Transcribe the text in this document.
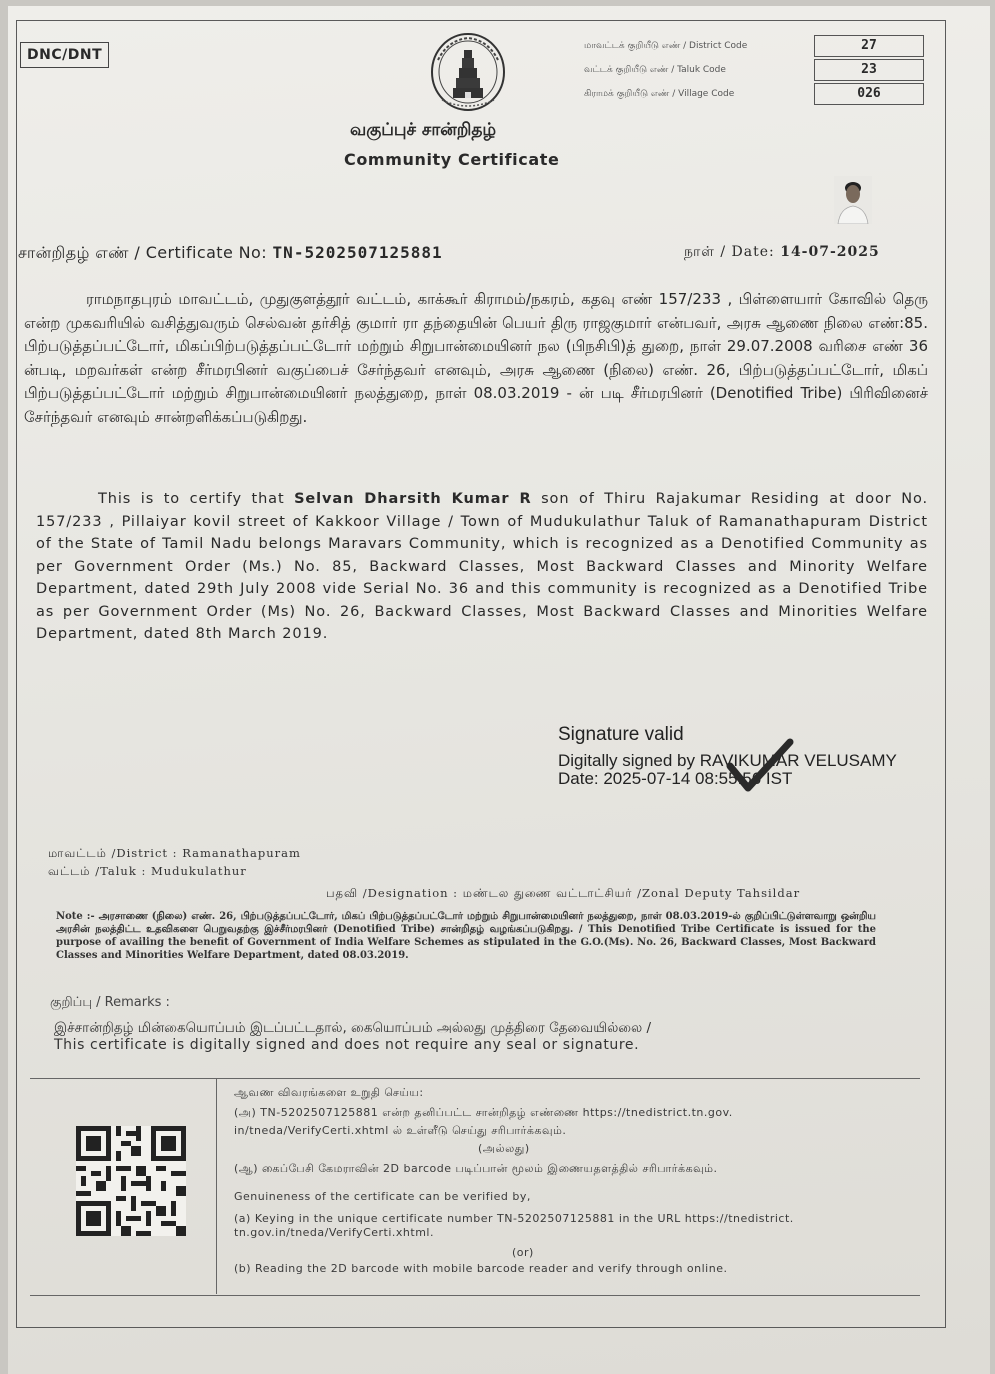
DNC/DNT
மாவட்டக் குறியீடு எண் / District Code	27
வட்டக் குறியீடு எண் / Taluk Code	23
கிராமக் குறியீடு எண் / Village Code	026
வகுப்புச் சான்றிதழ்
Community Certificate
சான்றிதழ் எண் / Certificate No: TN-5202507125881	நாள் / Date: 14-07-2025
ராமநாதபுரம் மாவட்டம், முதுகுளத்தூர் வட்டம், காக்கூர் கிராமம்/நகரம், கதவு எண் 157/233 , பிள்ளையார் கோவில் தெரு என்ற முகவரியில் வசித்துவரும் செல்வன் தர்சித் குமார் ரா தந்தையின் பெயர் திரு ராஜகுமார் என்பவர், அரசு ஆணை நிலை எண்:85. பிற்படுத்தப்பட்டோர், மிகப்பிற்படுத்தப்பட்டோர் மற்றும் சிறுபான்மையினர் நல (பிநசிபி)த் துறை, நாள் 29.07.2008 வரிசை எண் 36 ன்படி, மறவர்கள் என்ற சீர்மரபினர் வகுப்பைச் சேர்ந்தவர் எனவும், அரசு ஆணை (நிலை) எண். 26, பிற்படுத்தப்பட்டோர், மிகப் பிற்படுத்தப்பட்டோர் மற்றும் சிறுபான்மையினர் நலத்துறை, நாள் 08.03.2019 - ன் படி சீர்மரபினர் (Denotified Tribe) பிரிவினைச் சேர்ந்தவர் எனவும் சான்றளிக்கப்படுகிறது.
This is to certify that Selvan Dharsith Kumar R son of Thiru Rajakumar Residing at door No. 157/233 , Pillaiyar kovil street of Kakkoor Village / Town of Mudukulathur Taluk of Ramanathapuram District of the State of Tamil Nadu belongs Maravars Community, which is recognized as a Denotified Community as per Government Order (Ms.) No. 85, Backward Classes, Most Backward Classes and Minority Welfare Department, dated 29th July 2008 vide Serial No. 36 and this community is recognized as a Denotified Tribe as per Government Order (Ms) No. 26, Backward Classes, Most Backward Classes and Minorities Welfare Department, dated 8th March 2019.
Signature valid
Digitally signed by RAVIKUMAR VELUSAMY
Date: 2025-07-14 08:55:56 IST
மாவட்டம் /District : Ramanathapuram
வட்டம் /Taluk : Mudukulathur
பதவி /Designation : மண்டல துணை வட்டாட்சியர் /Zonal Deputy Tahsildar
Note :- அரசாணை (நிலை) எண். 26, பிற்படுத்தப்பட்டோர், மிகப் பிற்படுத்தப்பட்டோர் மற்றும் சிறுபான்மையினர் நலத்துறை, நாள் 08.03.2019-ல் குறிப்பிட்டுள்ளவாறு ஒன்றிய அரசின் நலத்திட்ட உதவிகளை பெறுவதற்கு இச்சீர்மரபினர் (Denotified Tribe) சான்றிதழ் வழங்கப்படுகிறது. / This Denotified Tribe Certificate is issued for the purpose of availing the benefit of Government of India Welfare Schemes as stipulated in the G.O.(Ms). No. 26, Backward Classes, Most Backward Classes and Minorities Welfare Department, dated 08.03.2019.
குறிப்பு / Remarks :
இச்சான்றிதழ் மின்கையொப்பம் இடப்பட்டதால், கையொப்பம் அல்லது முத்திரை தேவையில்லை /
This certificate is digitally signed and does not require any seal or signature.
ஆவண விவரங்களை உறுதி செய்ய:
(அ) TN-5202507125881 என்ற தனிப்பட்ட சான்றிதழ் எண்ணை https://tnedistrict.tn.gov.
in/tneda/VerifyCerti.xhtml ல் உள்ளீடு செய்து சரிபார்க்கவும்.
(அல்லது)
(ஆ) கைப்பேசி கேமராவின் 2D barcode படிப்பான் மூலம் இணையதளத்தில் சரிபார்க்கவும்.
Genuineness of the certificate can be verified by,
(a) Keying in the unique certificate number TN-5202507125881 in the URL https://tnedistrict.
tn.gov.in/tneda/VerifyCerti.xhtml.
(or)
(b) Reading the 2D barcode with mobile barcode reader and verify through online.
